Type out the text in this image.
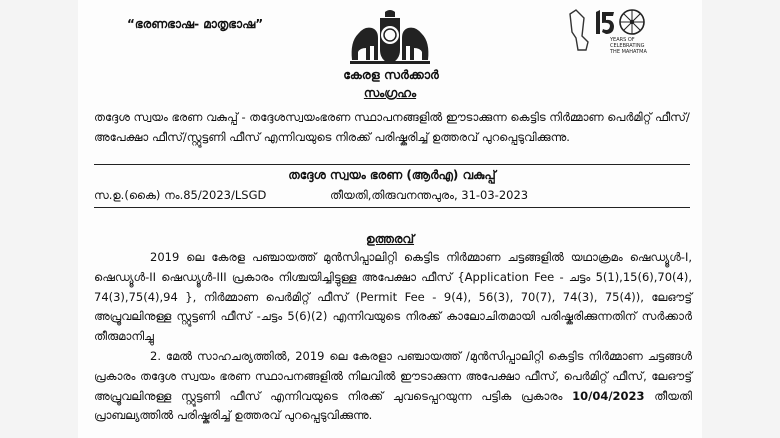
“ഭരണഭാഷ- മാതൃഭാഷ”
YEARS OF
CELEBRATING
THE MAHATMA
കേരള സർക്കാർ
സംഗ്രഹം
തദ്ദേശ സ്വയം ഭരണ വകുപ്പ് - തദ്ദേശസ്വയംഭരണ സ്ഥാപനങ്ങളിൽ ഈടാക്കുന്ന കെട്ടിട നിർമ്മാണ പെർമിറ്റ് ഫീസ്/അപേക്ഷാ ഫീസ്/സ്റ്റൂട്ടണി ഫീസ് എന്നിവയുടെ നിരക്ക് പരിഷ്കരിച്ച് ഉത്തരവ് പുറപ്പെടുവിക്കുന്നു.
തദ്ദേശ സ്വയം ഭരണ (ആർഎ) വകുപ്പ്
സ.ഉ.(കൈ) നം.85/2023/LSGD	തീയതി,തിരുവനന്തപുരം, 31-03-2023
ഉത്തരവ്

2019 ലെ കേരള പഞ്ചായത്ത് മുൻസിപ്പാലിറ്റി കെട്ടിട നിർമ്മാണ ചട്ടങ്ങളിൽ യഥാക്രമം ഷെഡ്യൂൾ-I, ഷെഡ്യൂൾ-II ഷെഡ്യൂൾ-III പ്രകാരം നിശ്ചയിച്ചിട്ടുള്ള അപേക്ഷാ ഫീസ് {Application Fee - ചട്ടം 5(1),15(6),70(4), 74(3),75(4),94 }, നിർമ്മാണ പെർമിറ്റ് ഫീസ് (Permit Fee - 9(4), 56(3), 70(7), 74(3), 75(4)), ലേഔട്ട് അപ്രൂവലിനുള്ള സ്റ്റൂട്ടണി ഫീസ് -ചട്ടം 5(6)(2) എന്നിവയുടെ നിരക്ക് കാലോചിതമായി പരിഷ്കരിക്കുന്നതിന് സർക്കാർ തീരുമാനിച്ചു

2. മേൽ സാഹചര്യത്തിൽ, 2019 ലെ കേരളാ പഞ്ചായത്ത് /മുൻസിപ്പാലിറ്റി കെട്ടിട നിർമ്മാണ ചട്ടങ്ങൾ പ്രകാരം തദ്ദേശ സ്വയം ഭരണ സ്ഥാപനങ്ങളിൽ നിലവിൽ ഈടാക്കുന്ന അപേക്ഷാ ഫീസ്, പെർമിറ്റ് ഫീസ്, ലേഔട്ട് അപ്രൂവലിനുള്ള സ്റ്റൂട്ടണി ഫീസ് എന്നിവയുടെ നിരക്ക് ചുവടെപ്പറയുന്ന പട്ടിക പ്രകാരം 10/04/2023 തീയതി പ്രാബല്യത്തിൽ പരിഷ്കരിച്ച് ഉത്തരവ് പുറപ്പെടുവിക്കുന്നു.
